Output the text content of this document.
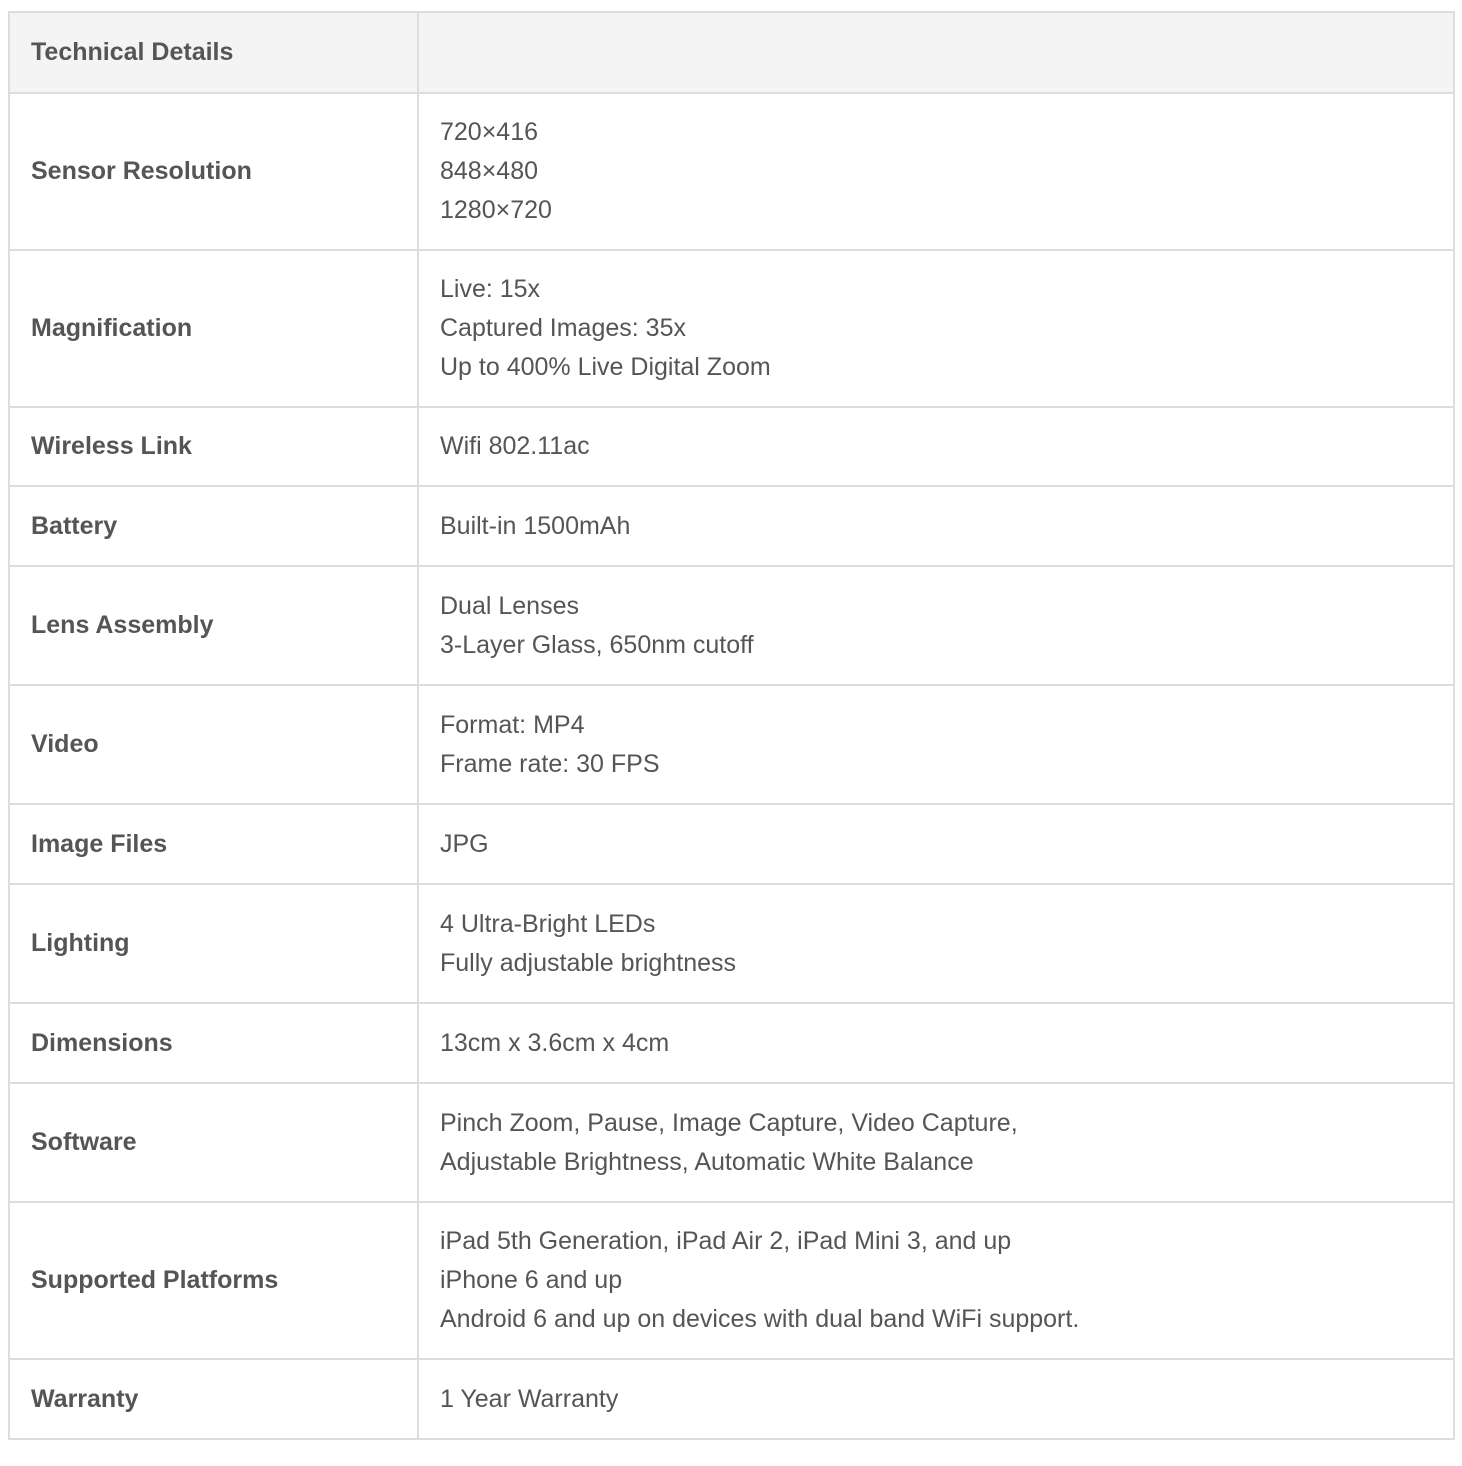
Technical Details	
Sensor Resolution	720×416
848×480
1280×720

Magnification	Live: 15x
Captured Images: 35x
Up to 400% Live Digital Zoom

Wireless Link	Wifi 802.11ac

Battery	Built-in 1500mAh

Lens Assembly	Dual Lenses
3-Layer Glass, 650nm cutoff

Video	Format: MP4
Frame rate: 30 FPS

Image Files	JPG

Lighting	4 Ultra-Bright LEDs
Fully adjustable brightness

Dimensions	13cm x 3.6cm x 4cm

Software	Pinch Zoom, Pause, Image Capture, Video Capture,
Adjustable Brightness, Automatic White Balance

Supported Platforms	iPad 5th Generation, iPad Air 2, iPad Mini 3, and up
iPhone 6 and up
Android 6 and up on devices with dual band WiFi support.

Warranty	1 Year Warranty
